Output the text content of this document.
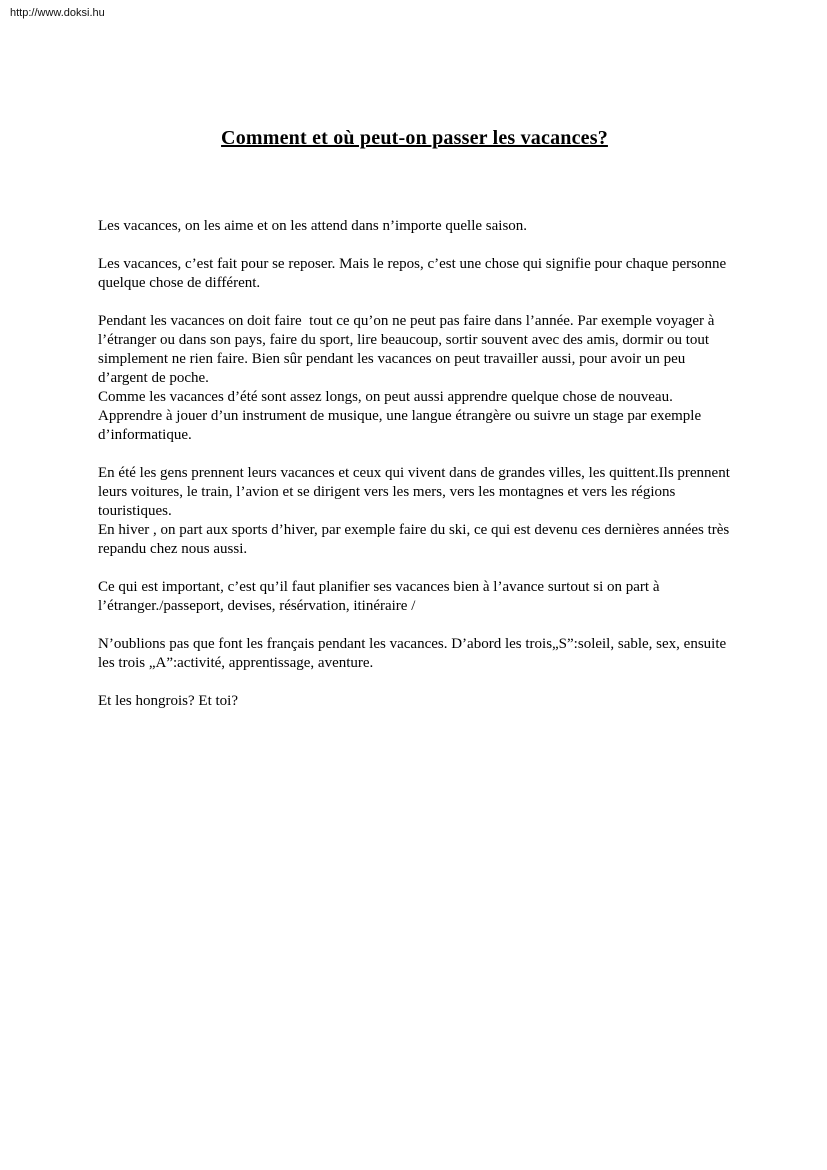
http://www.doksi.hu
Comment et où peut-on passer les vacances?
Les vacances, on les aime et on les attend dans n’importe quelle saison.
Les vacances, c’est fait pour se reposer. Mais le repos, c’est une chose qui signifie pour chaque personne quelque chose de différent.
Pendant les vacances on doit faire  tout ce qu’on ne peut pas faire dans l’année. Par exemple voyager à l’étranger ou dans son pays, faire du sport, lire beaucoup, sortir souvent avec des amis, dormir ou tout simplement ne rien faire. Bien sûr pendant les vacances on peut travailler aussi, pour avoir un peu d’argent de poche.
Comme les vacances d’été sont assez longs, on peut aussi apprendre quelque chose de nouveau. Apprendre à jouer d’un instrument de musique, une langue étrangère ou suivre un stage par exemple d’informatique.
En été les gens prennent leurs vacances et ceux qui vivent dans de grandes villes, les quittent.Ils prennent leurs voitures, le train, l’avion et se dirigent vers les mers, vers les montagnes et vers les régions touristiques.
En hiver , on part aux sports d’hiver, par exemple faire du ski, ce qui est devenu ces dernières années très repandu chez nous aussi.
Ce qui est important, c’est qu’il faut planifier ses vacances bien à l’avance surtout si on part à l’étranger./passeport, devises, résérvation, itinéraire /
N’oublions pas que font les français pendant les vacances. D’abord les trois„S”:soleil, sable, sex, ensuite les trois „A”:activité, apprentissage, aventure.
Et les hongrois? Et toi?
